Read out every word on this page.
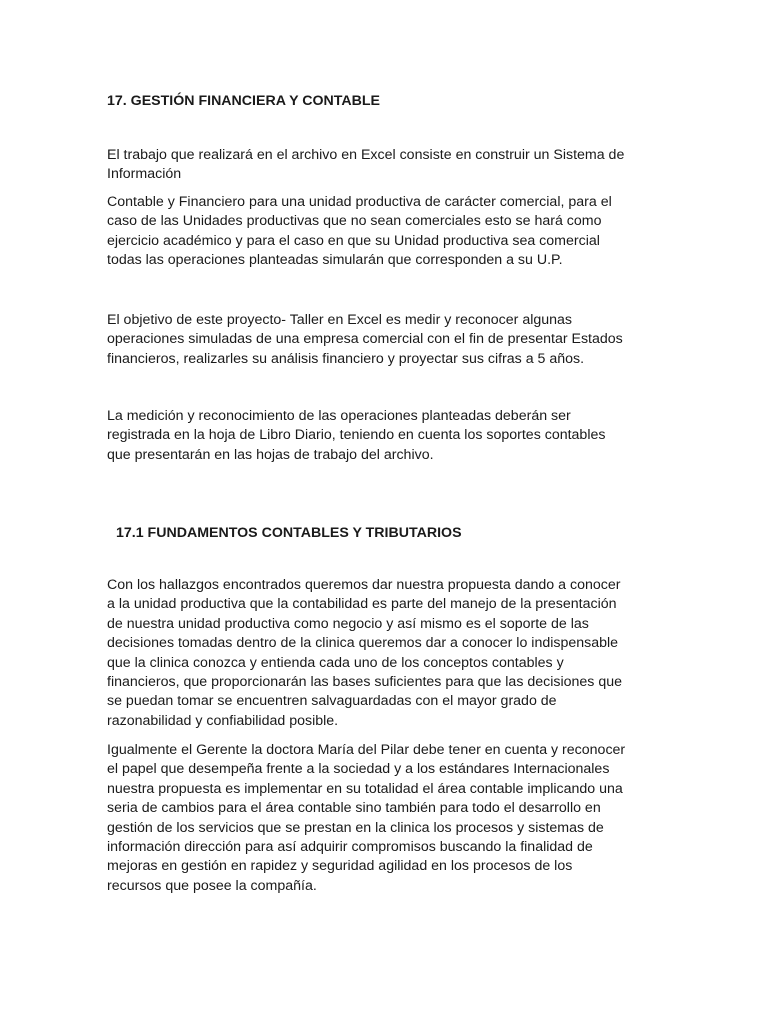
17. GESTIÓN FINANCIERA Y CONTABLE
El trabajo que realizará en el archivo en Excel consiste en construir un Sistema de
Información
Contable y Financiero para una unidad productiva de carácter comercial, para el
caso de las Unidades productivas que no sean comerciales esto se hará como
ejercicio académico y para el caso en que su Unidad productiva sea comercial
todas las operaciones planteadas simularán que corresponden a su U.P.
El objetivo de este proyecto- Taller en Excel es medir y reconocer algunas
operaciones simuladas de una empresa comercial con el fin de presentar Estados
financieros, realizarles su análisis financiero y proyectar sus cifras a 5 años.
La medición y reconocimiento de las operaciones planteadas deberán ser
registrada en la hoja de Libro Diario, teniendo en cuenta los soportes contables
que presentarán en las hojas de trabajo del archivo.
17.1 FUNDAMENTOS CONTABLES Y TRIBUTARIOS
Con los hallazgos encontrados queremos dar nuestra propuesta dando a conocer
a la unidad productiva que la contabilidad es parte del manejo de la presentación
de nuestra unidad productiva como negocio y así mismo es el soporte de las
decisiones tomadas dentro de la clinica queremos dar a conocer lo indispensable
que la clinica conozca y entienda cada uno de los conceptos contables y
financieros, que proporcionarán las bases suficientes para que las decisiones que
se puedan tomar se encuentren salvaguardadas con el mayor grado de
razonabilidad y confiabilidad posible.
Igualmente el Gerente la doctora María del Pilar debe tener en cuenta y reconocer
el papel que desempeña frente a la sociedad y a los estándares Internacionales
nuestra propuesta es implementar en su totalidad el área contable implicando una
seria de cambios para el área contable sino también para todo el desarrollo en
gestión de los servicios que se prestan en la clinica los procesos y sistemas de
información dirección para así adquirir compromisos buscando la finalidad de
mejoras en gestión en rapidez y seguridad agilidad en los procesos de los
recursos que posee la compañía.
